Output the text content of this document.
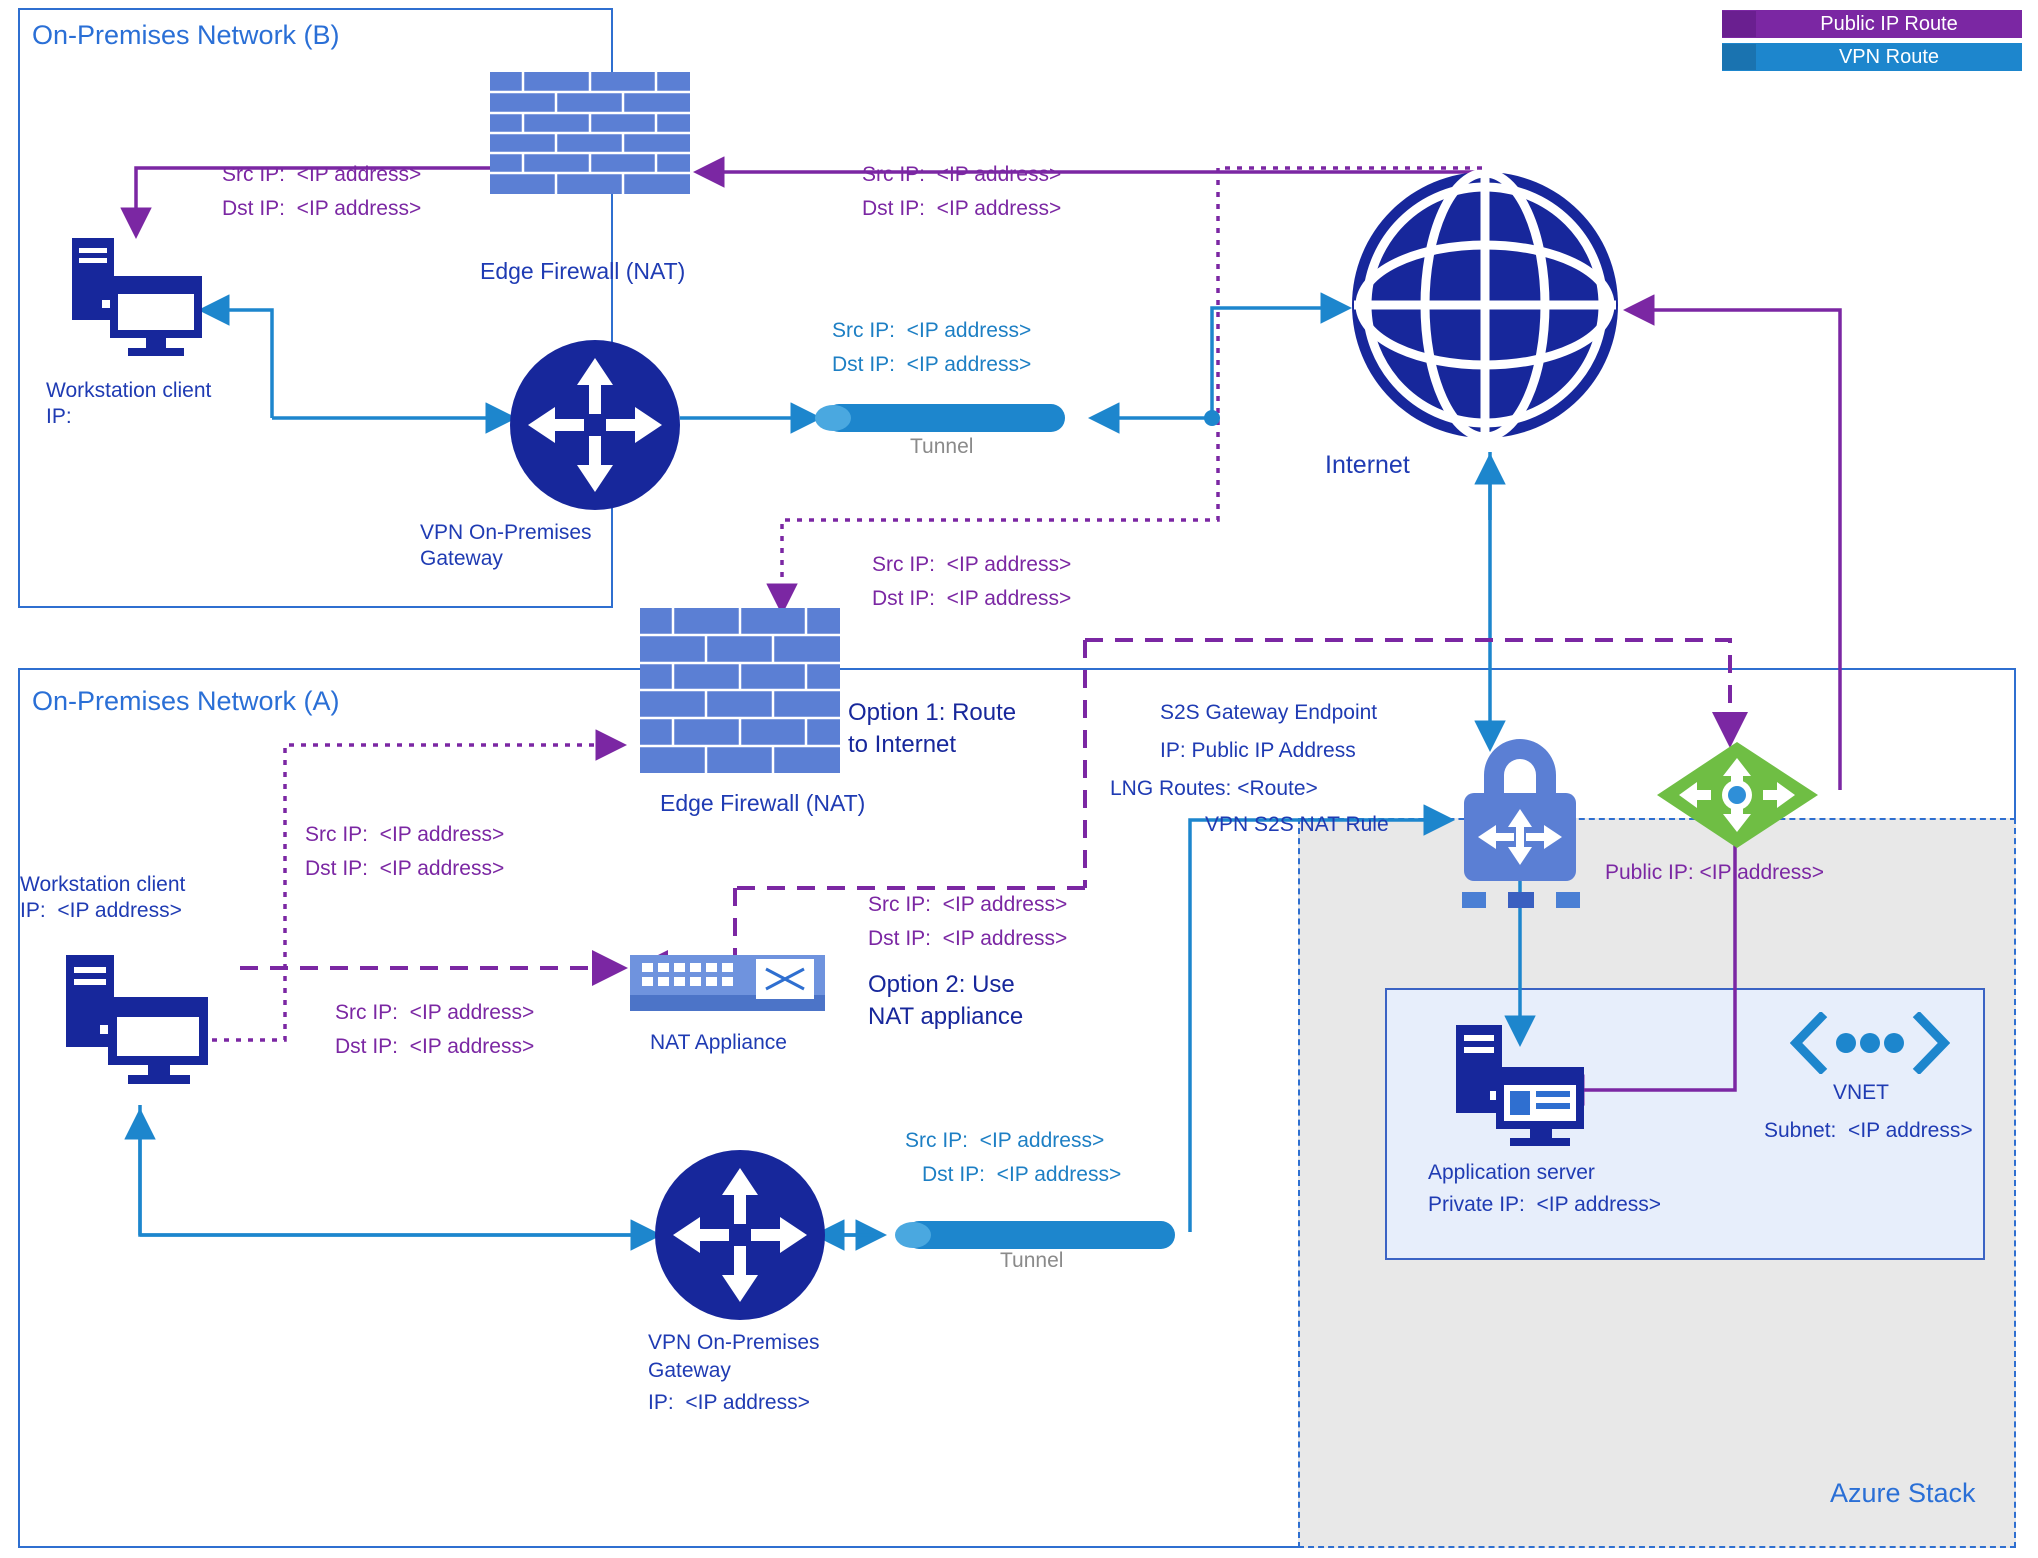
Public IP Route
VPN Route
On-Premises Network (B)
On-Premises Network (A)
Azure Stack
Edge Firewall (NAT)
Workstation client
IP:
VPN On-Premises
Gateway
Tunnel
Internet
Edge Firewall (NAT)
Option 1: Route
to Internet
Option 2: Use
NAT appliance
Workstation client
IP:  <IP address>
NAT Appliance
VPN On-Premises
Gateway
IP:  <IP address>
Tunnel
S2S Gateway Endpoint
IP: Public IP Address
LNG Routes: <Route>
VPN S2S NAT Rule
Public IP: <IP address>
VNET
Subnet:  <IP address>
Application server
Private IP:  <IP address>
Src IP:  <IP address>
Dst IP:  <IP address>
Src IP:  <IP address>
Dst IP:  <IP address>
Src IP:  <IP address>
Dst IP:  <IP address>
Src IP:  <IP address>
Dst IP:  <IP address>
Src IP:  <IP address>
Dst IP:  <IP address>
Src IP:  <IP address>
Dst IP:  <IP address>
Src IP:  <IP address>
Dst IP:  <IP address>
Src IP:  <IP address>
Dst IP:  <IP address>
